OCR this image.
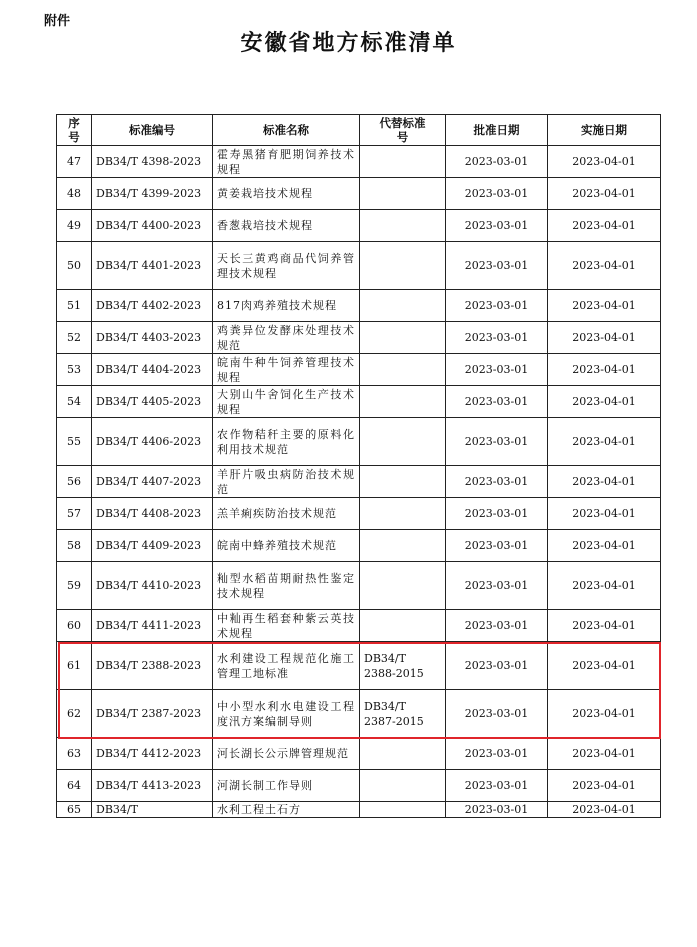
附件
安徽省地方标准清单
序号	标准编号	标准名称	代替标准号	批准日期	实施日期
47	DB34/T 4398-2023	霍寿黑猪育肥期饲养技术规程		2023-03-01	2023-04-01
48	DB34/T 4399-2023	黄姜栽培技术规程		2023-03-01	2023-04-01
49	DB34/T 4400-2023	香葱栽培技术规程		2023-03-01	2023-04-01
50	DB34/T 4401-2023	天长三黄鸡商品代饲养管理技术规程		2023-03-01	2023-04-01
51	DB34/T 4402-2023	817肉鸡养殖技术规程		2023-03-01	2023-04-01
52	DB34/T 4403-2023	鸡粪异位发酵床处理技术规范		2023-03-01	2023-04-01
53	DB34/T 4404-2023	皖南牛种牛饲养管理技术规程		2023-03-01	2023-04-01
54	DB34/T 4405-2023	大别山牛舍饲化生产技术规程		2023-03-01	2023-04-01
55	DB34/T 4406-2023	农作物秸秆主要的原料化利用技术规范		2023-03-01	2023-04-01
56	DB34/T 4407-2023	羊肝片吸虫病防治技术规范		2023-03-01	2023-04-01
57	DB34/T 4408-2023	羔羊痢疾防治技术规范		2023-03-01	2023-04-01
58	DB34/T 4409-2023	皖南中蜂养殖技术规范		2023-03-01	2023-04-01
59	DB34/T 4410-2023	籼型水稻苗期耐热性鉴定技术规程		2023-03-01	2023-04-01
60	DB34/T 4411-2023	中籼再生稻套种紫云英技术规程		2023-03-01	2023-04-01
61	DB34/T 2388-2023	水利建设工程规范化施工管理工地标准	DB34/T 2388-2015	2023-03-01	2023-04-01
62	DB34/T 2387-2023	中小型水利水电建设工程度汛方案编制导则	DB34/T 2387-2015	2023-03-01	2023-04-01
63	DB34/T 4412-2023	河长湖长公示牌管理规范		2023-03-01	2023-04-01
64	DB34/T 4413-2023	河湖长制工作导则		2023-03-01	2023-04-01
65	DB34/T	水利工程土石方		2023-03-01	2023-04-01
